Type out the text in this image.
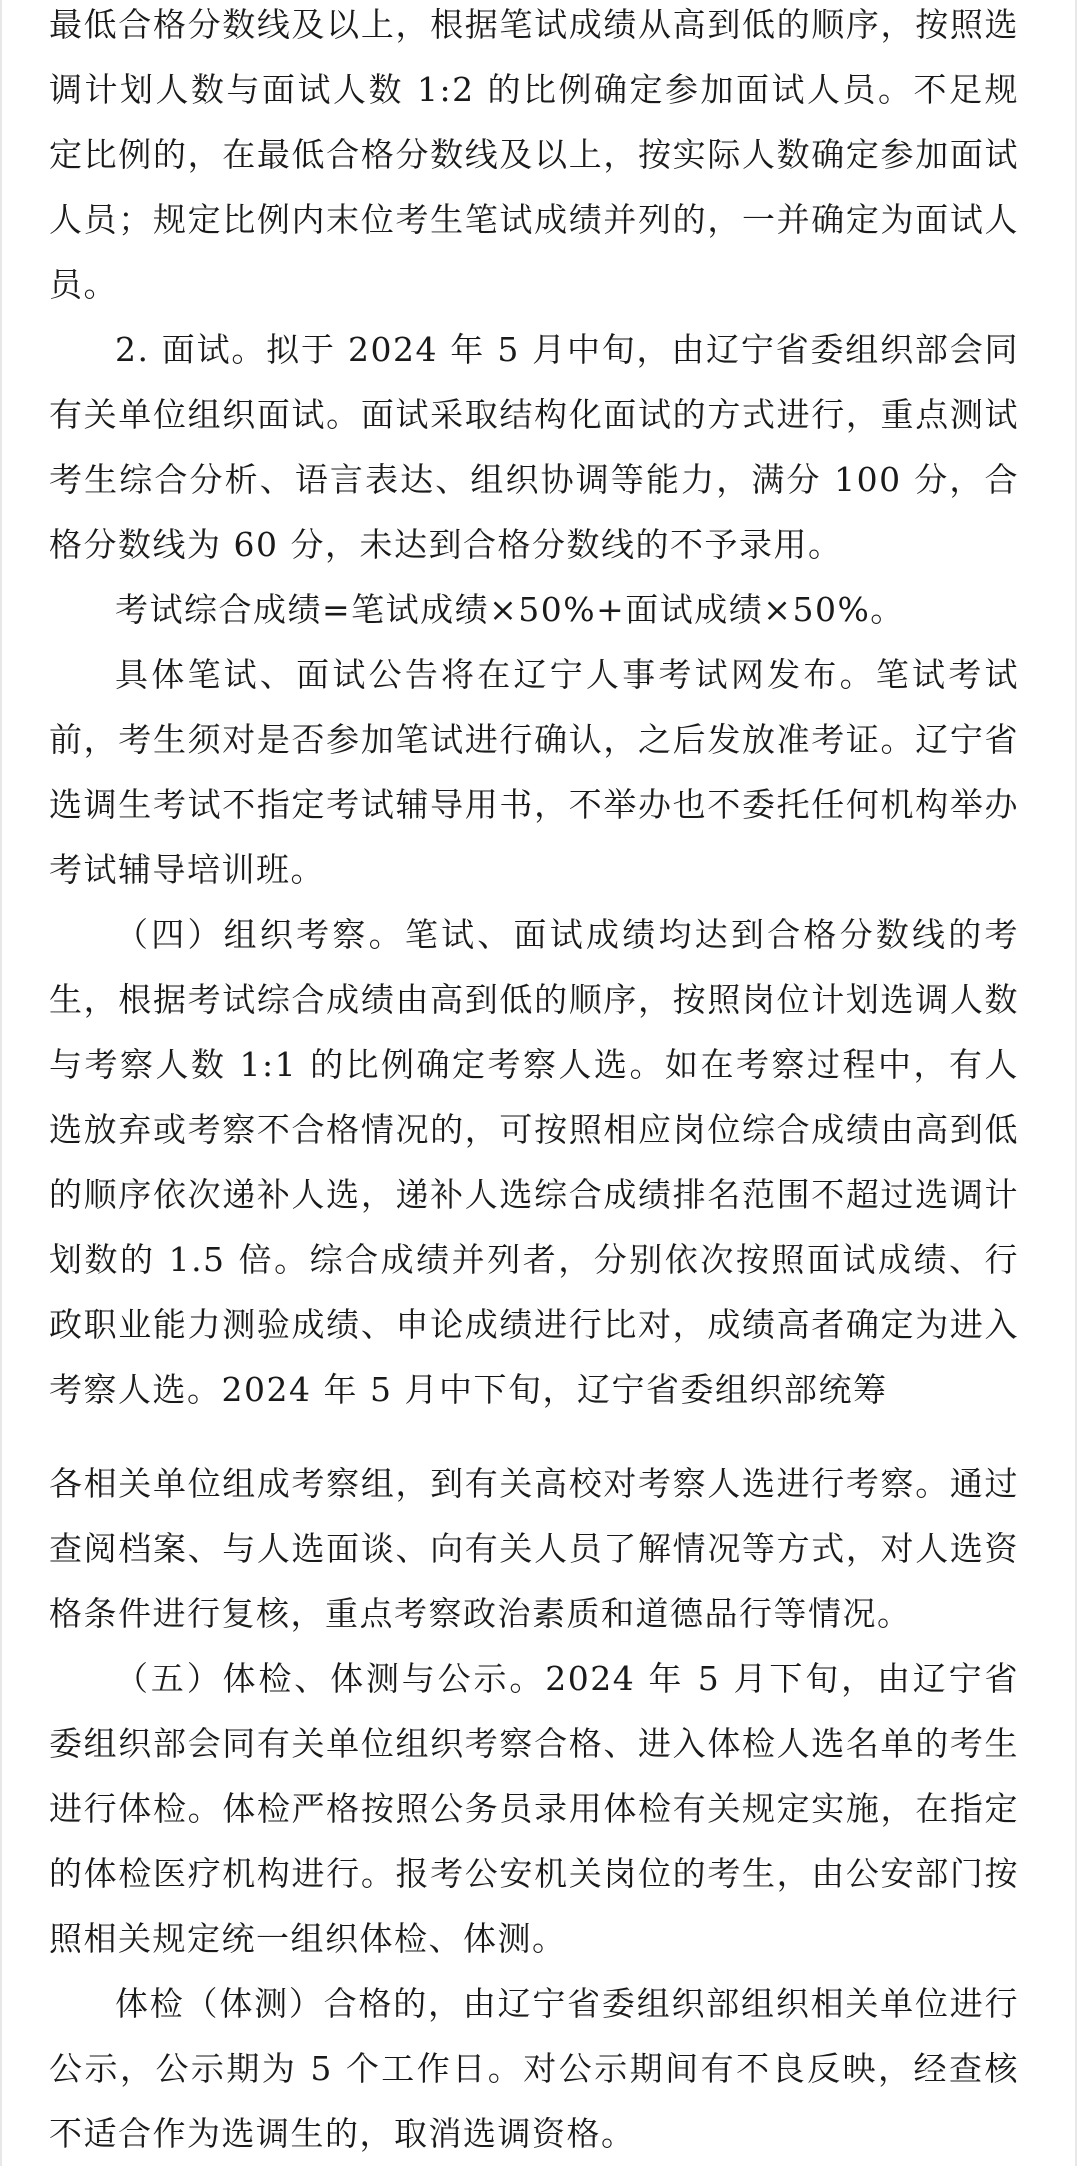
最低合格分数线及以上，根据笔试成绩从高到低的顺序，按照选调计划人数与面试人数 1:2 的比例确定参加面试人员。不足规定比例的，在最低合格分数线及以上，按实际人数确定参加面试人员；规定比例内末位考生笔试成绩并列的，一并确定为面试人员。

2. 面试。拟于 2024 年 5 月中旬，由辽宁省委组织部会同有关单位组织面试。面试采取结构化面试的方式进行，重点测试考生综合分析、语言表达、组织协调等能力，满分 100 分，合格分数线为 60 分，未达到合格分数线的不予录用。

考试综合成绩=笔试成绩×50%+面试成绩×50%。

具体笔试、面试公告将在辽宁人事考试网发布。笔试考试前，考生须对是否参加笔试进行确认，之后发放准考证。辽宁省选调生考试不指定考试辅导用书，不举办也不委托任何机构举办考试辅导培训班。

（四）组织考察。笔试、面试成绩均达到合格分数线的考生，根据考试综合成绩由高到低的顺序，按照岗位计划选调人数与考察人数 1:1 的比例确定考察人选。如在考察过程中，有人选放弃或考察不合格情况的，可按照相应岗位综合成绩由高到低的顺序依次递补人选，递补人选综合成绩排名范围不超过选调计划数的 1.5 倍。综合成绩并列者，分别依次按照面试成绩、行政职业能力测验成绩、申论成绩进行比对，成绩高者确定为进入考察人选。2024 年 5 月中下旬，辽宁省委组织部统筹

各相关单位组成考察组，到有关高校对考察人选进行考察。通过查阅档案、与人选面谈、向有关人员了解情况等方式，对人选资格条件进行复核，重点考察政治素质和道德品行等情况。

（五）体检、体测与公示。2024 年 5 月下旬，由辽宁省委组织部会同有关单位组织考察合格、进入体检人选名单的考生进行体检。体检严格按照公务员录用体检有关规定实施，在指定的体检医疗机构进行。报考公安机关岗位的考生，由公安部门按照相关规定统一组织体检、体测。

体检（体测）合格的，由辽宁省委组织部组织相关单位进行公示，公示期为 5 个工作日。对公示期间有不良反映，经查核不适合作为选调生的，取消选调资格。
